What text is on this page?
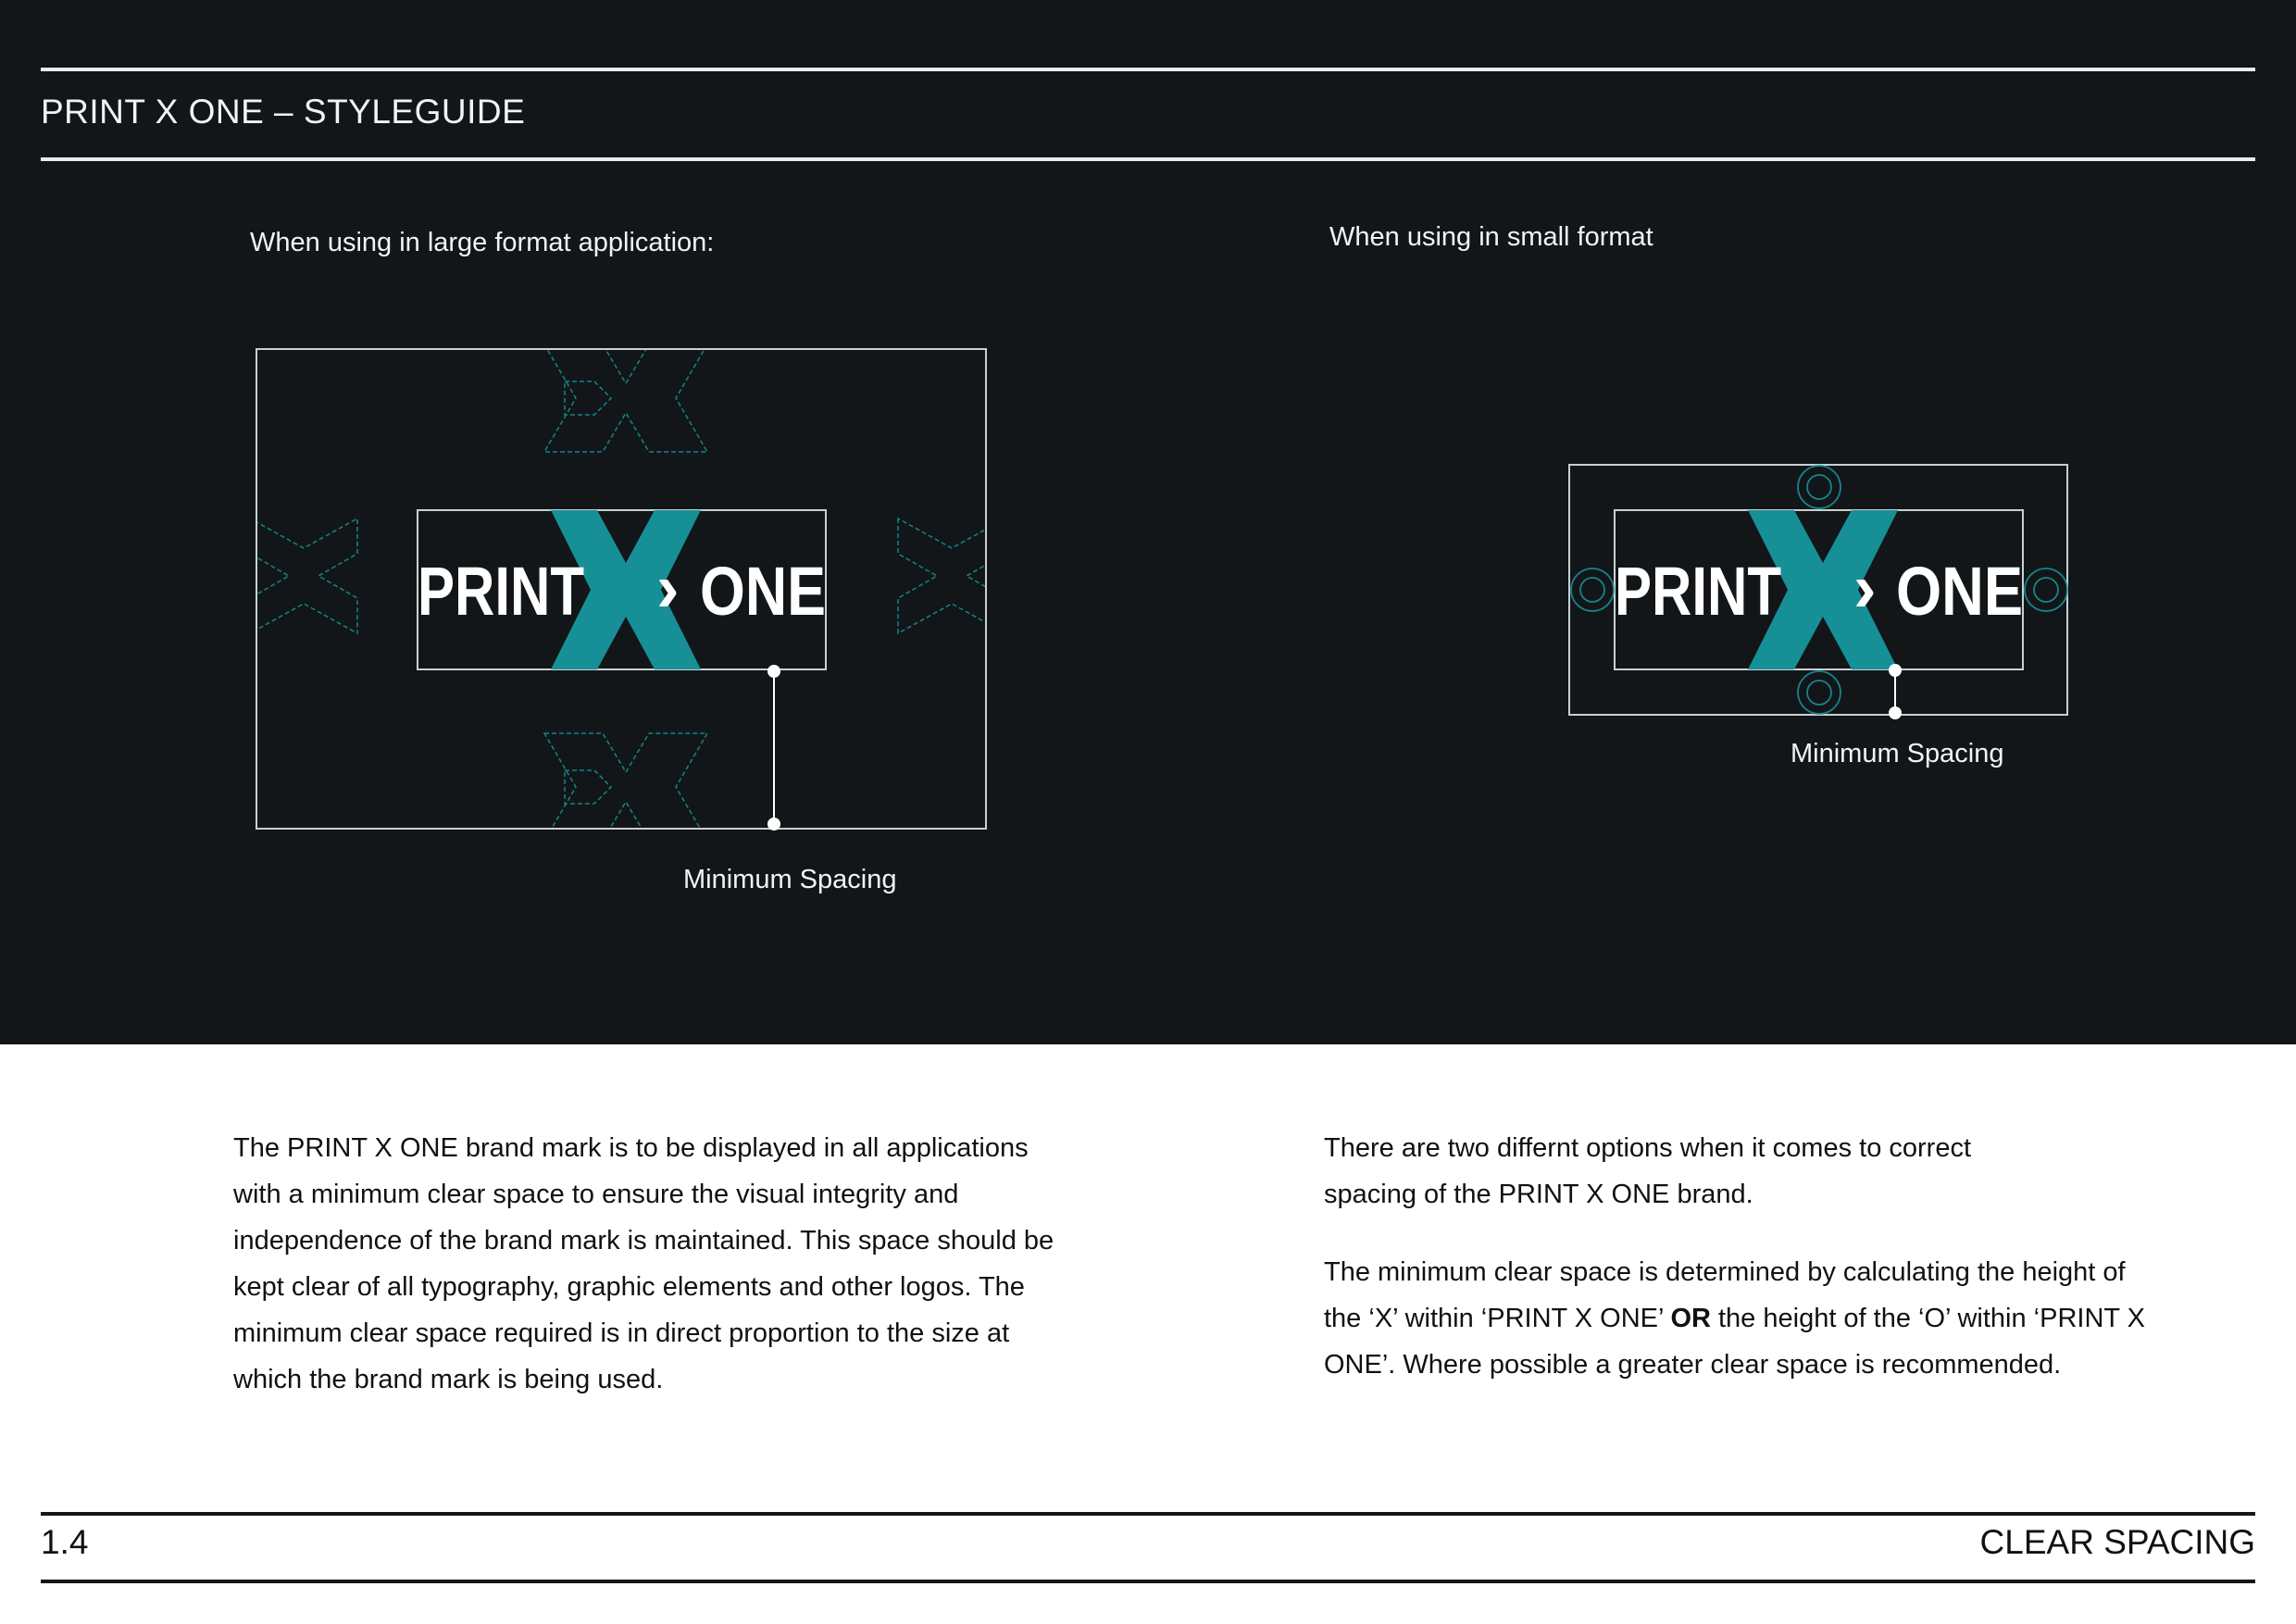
PRINT X ONE – STYLEGUIDE
When using in large format application:	When using in small format
PRINT › ONE
Minimum Spacing
PRINT › ONE
Minimum Spacing

The PRINT X ONE brand mark is to be displayed in all applications
with a minimum clear space to ensure the visual integrity and
independence of the brand mark is maintained. This space should be
kept clear of all typography, graphic elements and other logos. The
minimum clear space required is in direct proportion to the size at
which the brand mark is being used.

There are two differnt options when it comes to correct
spacing of the PRINT X ONE brand.

The minimum clear space is determined by calculating the height of
the ‘X’ within ‘PRINT X ONE’ OR the height of the ‘O’ within ‘PRINT X
ONE’. Where possible a greater clear space is recommended.

1.4	CLEAR SPACING
